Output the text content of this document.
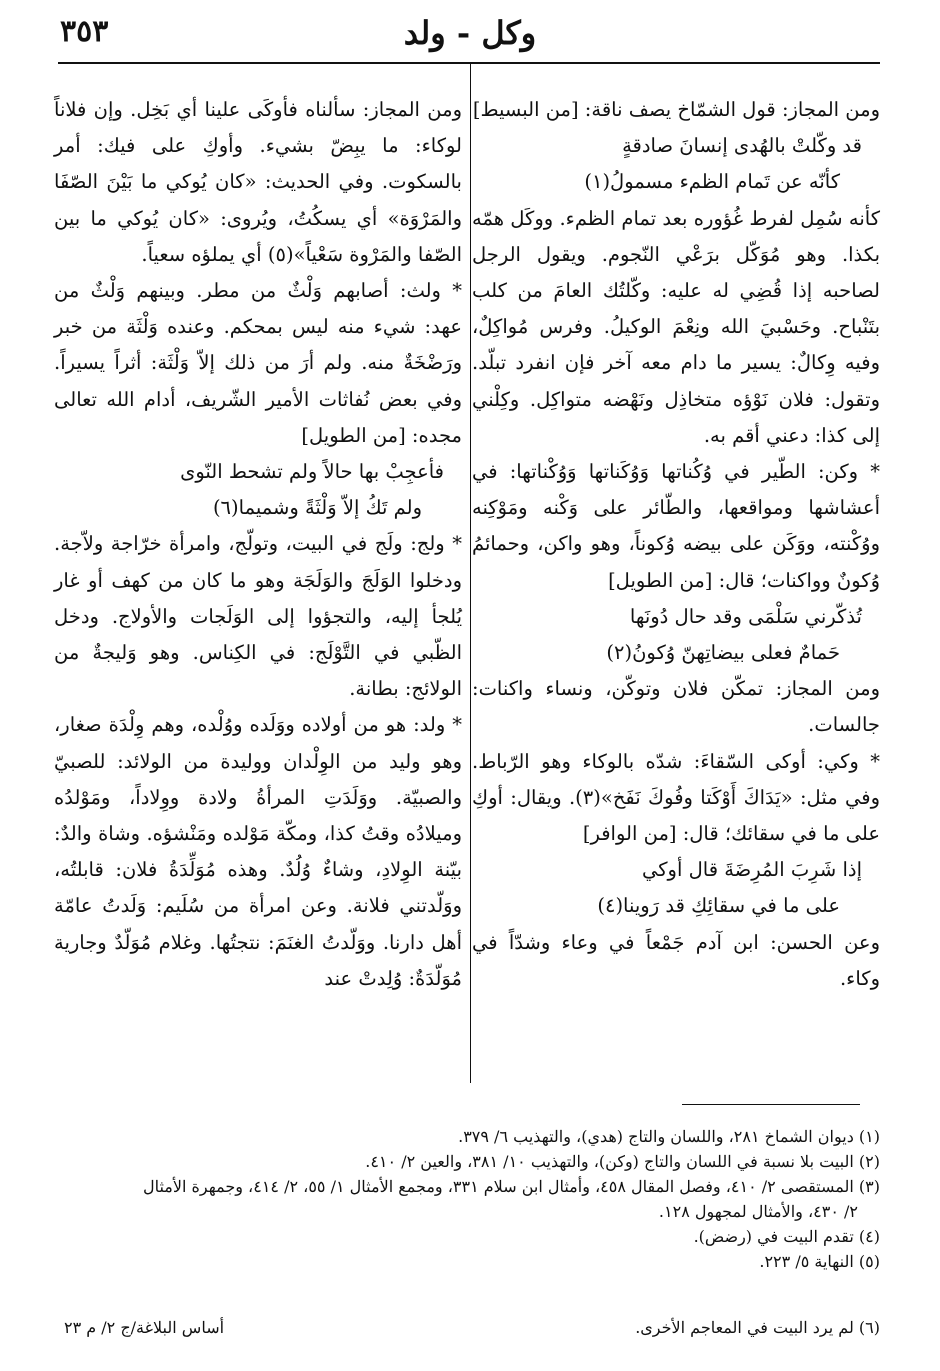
٣٥٣	وكل - ولد

ومن المجاز: قول الشمّاخ يصف ناقة: [من البسيط]

قد وكّلتْ بالهُدى إنسانَ صادقةٍ

كأنّه عن تَمام الظمء مسمولُ(١)

كأنه سُمِل لفرط غُؤوره بعد تمام الظمء. ووكَل همّه بكذا. وهو مُوَكّل برَعْي النّجوم. ويقول الرجل لصاحبه إذا قُضِي له عليه: وكّلتُك العامَ من كلب بتَنْباح. وحَسْبيَ الله ونِعْمَ الوكيلُ. وفرس مُواكِلٌ، وفيه وِكالٌ: يسير ما دام معه آخر فإن انفرد تبلّد. وتقول: فلان نَوْؤه متخاذِل ونَهْضه متواكِل. وكِلْني إلى كذا: دعني أقم به.

* وكن: الطّير في وُكُناتها وَوُكَناتها وَوُكْناتها: في أعشاشها ومواقعها، والطّائر على وَكْنه ومَوْكِنه ووُكْنته، ووَكَن على بيضه وُكوناً، وهو واكن، وحمائمُ وُكونٌ وواكنات؛ قال: [من الطويل]

تُذكّرني سَلْمَى وقد حال دُونَها

حَمامٌ فعلى بيضاتِهنّ وُكونُ(٢)

ومن المجاز: تمكّن فلان وتوكّن، ونساء واكنات: جالسات.

* وكي: أوكى السّقاءَ: شدّه بالوكاء وهو الرّباط. وفي مثل: «يَدَاكَ أَوْكَتا وفُوكَ نَفَخ»(٣). ويقال: أوكِ على ما في سقائك؛ قال: [من الوافر]

إذا شَرِبَ المُرِضَةَ قال أوكي

على ما في سقائِكِ قد رَوينا(٤)

وعن الحسن: ابن آدم جَمْعاً في وعاء وشدّاً في وكاء.

ومن المجاز: سألناه فأوكَى علينا أي بَخِل. وإن فلاناً لوكاء: ما يبِضّ بشيء. وأوكِ على فيك: أمر بالسكوت. وفي الحديث: «كان يُوكي ما بَيْنَ الصّفَا والمَرْوَة» أي يسكُتُ، ويُروى: «كان يُوكي ما بين الصّفا والمَرْوة سَعْياً»(٥) أي يملؤه سعياً.

* ولث: أصابهم وَلْثٌ من مطر. وبينهم وَلْثٌ من عهد: شيء منه ليس بمحكم. وعنده وَلْثَة من خبر ورَضْخَةٌ منه. ولم أرَ من ذلك إلاّ وَلْثَة: أثراً يسيراً. وفي بعض نُفاثات الأمير الشّريف، أدام الله تعالى مجده: [من الطويل]

فأعجِبْ بها حالاً ولم تشحط النّوى

ولم تَكُ إلاّ وَلْثَةً وشميما(٦)

* ولج: ولَج في البيت، وتولّج، وامرأة خرّاجة ولاّجة. ودخلوا الوَلَجَ والوَلَجَة وهو ما كان من كهف أو غار يُلجأ إليه، والتجؤوا إلى الوَلَجات والأولاج. ودخل الظّبي في التَّوْلَج: في الكِناس. وهو وَليجةٌ من الولائج: بطانة.

* ولد: هو من أولاده ووَلَده ووُلْده، وهم وِلْدَة صغار، وهو وليد من الوِلْدان ووليدة من الولائد: للصبيّ والصبيّة. ووَلَدَتِ المرأةُ ولادة ووِلاداً، ومَوْلدُه وميلادُه وقتُ كذا، ومكّة مَوْلده ومَنْشؤه. وشاة والدٌ: بيّنة الوِلادِ، وشاءٌ وُلُدٌ. وهذه مُوَلِّدَةُ فلان: قابلتُه، ووَلّدتني فلانة. وعن امرأة من سُلَيم: وَلَدتُ عامّة أهل دارنا. ووَلّدتُ الغنَمَ: نتجتُها. وغلام مُوَلّدٌ وجارية مُوَلّدَةٌ: وُلِدتْ عند

(١) ديوان الشماخ ٢٨١، واللسان والتاج (هدي)، والتهذيب ٦/ ٣٧٩.

(٢) البيت بلا نسبة في اللسان والتاج (وكن)، والتهذيب ١٠/ ٣٨١، والعين ٢/ ٤١٠.

(٣) المستقصى ٢/ ٤١٠، وفصل المقال ٤٥٨، وأمثال ابن سلام ٣٣١، ومجمع الأمثال ١/ ٥٥، ٢/ ٤١٤، وجمهرة الأمثال

٢/ ٤٣٠، والأمثال لمجهول ١٢٨.

(٤) تقدم البيت في (رضض).

(٥) النهاية ٥/ ٢٢٣.

(٦) لم يرد البيت في المعاجم الأخرى.
أساس البلاغة/ج ٢/ م ٢٣
